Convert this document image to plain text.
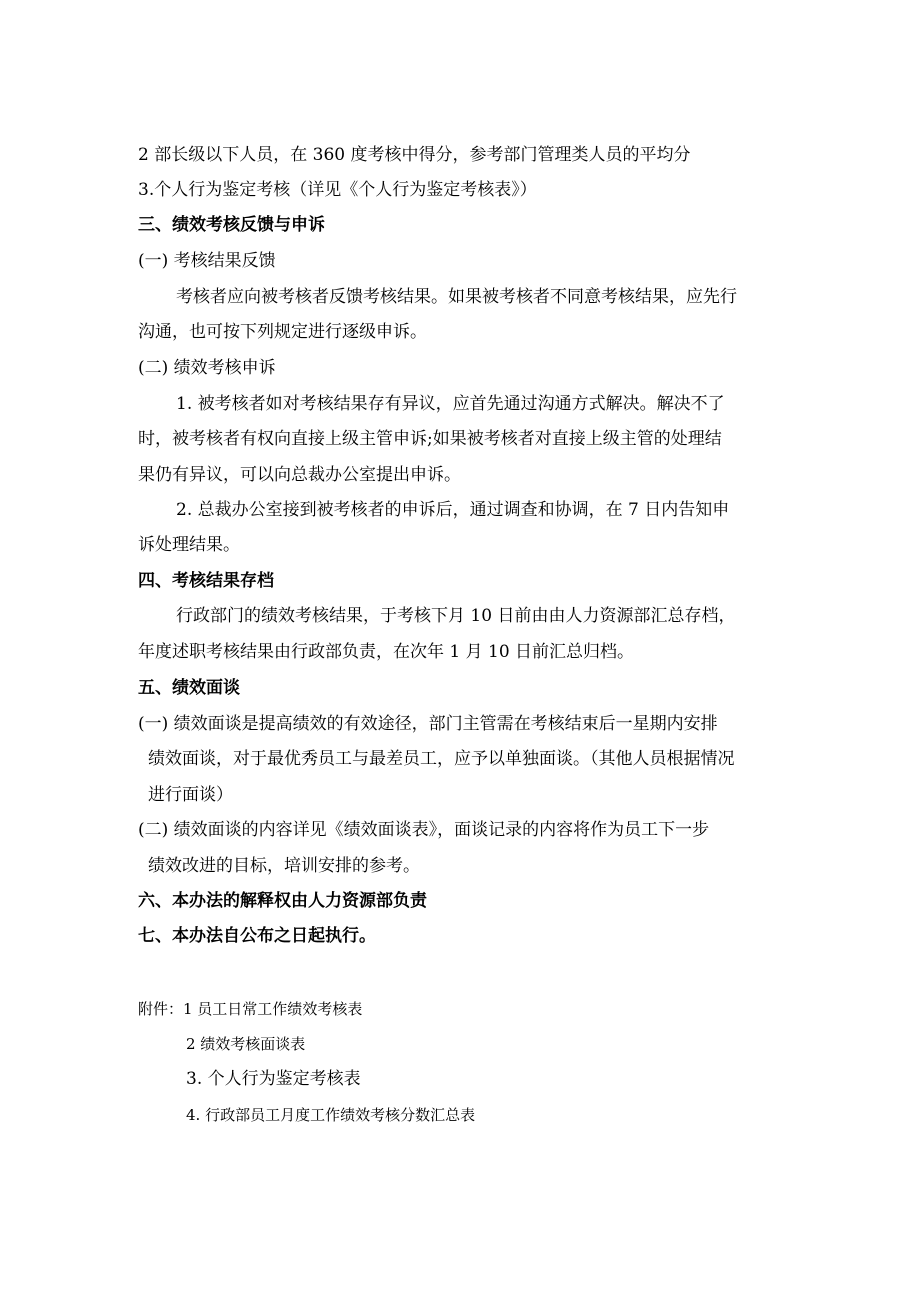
2 部长级以下人员，在 360 度考核中得分，参考部门管理类人员的平均分
3.个人行为鉴定考核（详见《个人行为鉴定考核表》）
三、绩效考核反馈与申诉
(一) 考核结果反馈
考核者应向被考核者反馈考核结果。如果被考核者不同意考核结果，应先行
沟通，也可按下列规定进行逐级申诉。
(二) 绩效考核申诉
1. 被考核者如对考核结果存有异议，应首先通过沟通方式解决。解决不了
时，被考核者有权向直接上级主管申诉;如果被考核者对直接上级主管的处理结
果仍有异议，可以向总裁办公室提出申诉。
2. 总裁办公室接到被考核者的申诉后，通过调查和协调，在 7 日内告知申
诉处理结果。
四、考核结果存档
行政部门的绩效考核结果，于考核下月 10 日前由由人力资源部汇总存档，
年度述职考核结果由行政部负责，在次年 1 月 10 日前汇总归档。
五、绩效面谈
(一) 绩效面谈是提高绩效的有效途径，部门主管需在考核结束后一星期内安排
绩效面谈，对于最优秀员工与最差员工，应予以单独面谈。（其他人员根据情况
进行面谈）
(二) 绩效面谈的内容详见《绩效面谈表》，面谈记录的内容将作为员工下一步
绩效改进的目标，培训安排的参考。
六、本办法的解释权由人力资源部负责
七、本办法自公布之日起执行。
附件：1 员工日常工作绩效考核表
2 绩效考核面谈表
3. 个人行为鉴定考核表
4. 行政部员工月度工作绩效考核分数汇总表
